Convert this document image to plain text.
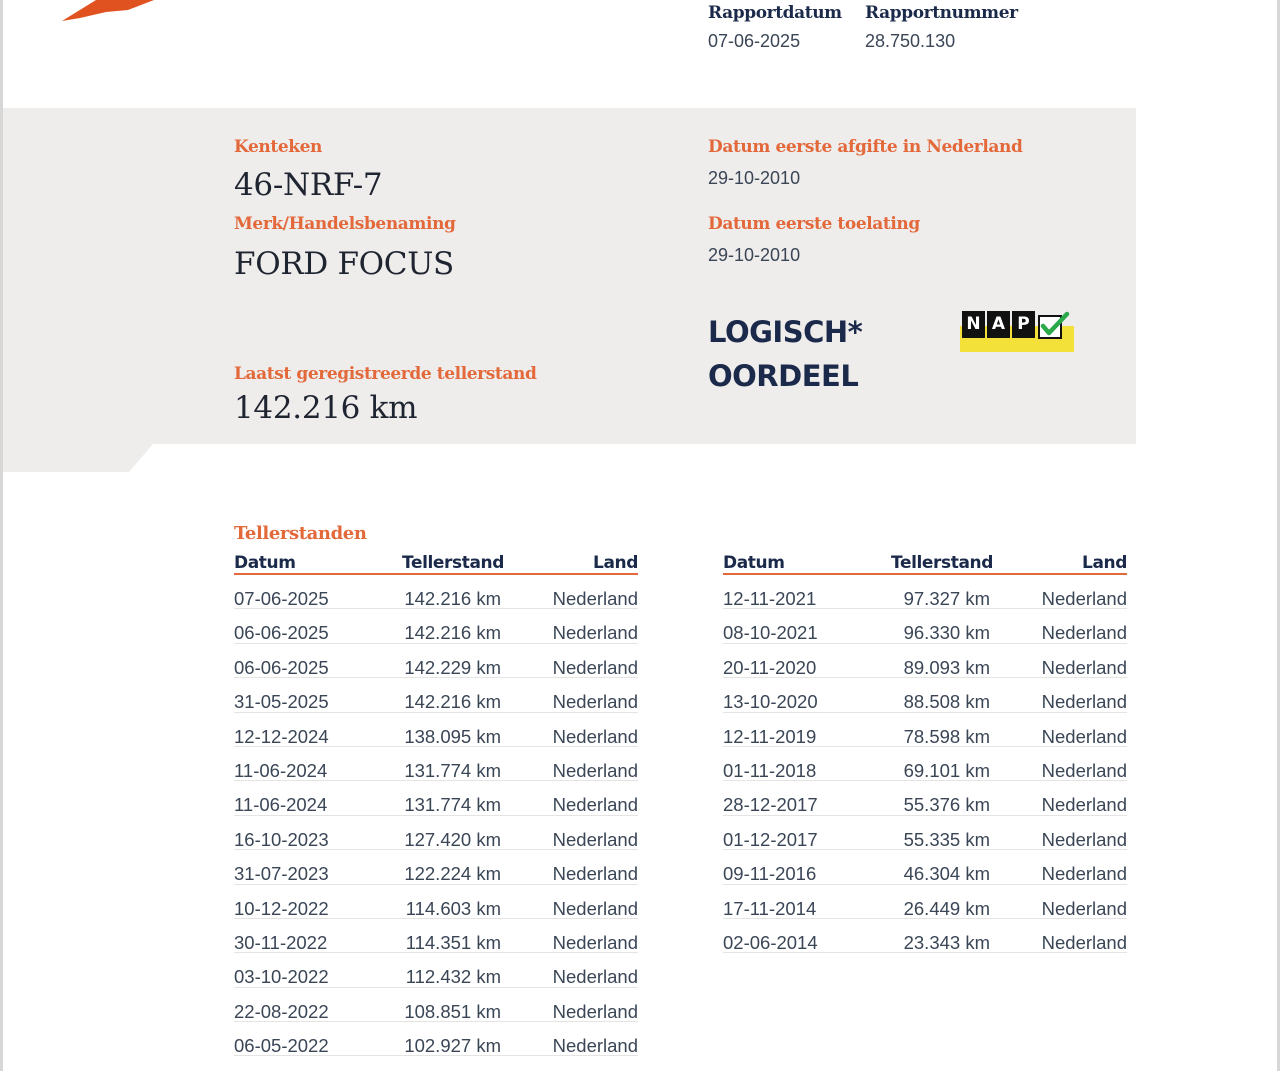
Rapportdatum
07-06-2025
Rapportnummer
28.750.130
Kenteken
46-NRF-7
Merk/Handelsbenaming
FORD FOCUS
Laatst geregistreerde tellerstand
142.216 km
Datum eerste afgifte in Nederland
29-10-2010
Datum eerste toelating
29-10-2010
LOGISCH*
OORDEEL
N A P
Tellerstanden
Datum	Tellerstand	Land
07-06-2025	142.216 km	Nederland
06-06-2025	142.216 km	Nederland
06-06-2025	142.229 km	Nederland
31-05-2025	142.216 km	Nederland
12-12-2024	138.095 km	Nederland
11-06-2024	131.774 km	Nederland
11-06-2024	131.774 km	Nederland
16-10-2023	127.420 km	Nederland
31-07-2023	122.224 km	Nederland
10-12-2022	114.603 km	Nederland
30-11-2022	114.351 km	Nederland
03-10-2022	112.432 km	Nederland
22-08-2022	108.851 km	Nederland
06-05-2022	102.927 km	Nederland
Datum	Tellerstand	Land
12-11-2021	97.327 km	Nederland
08-10-2021	96.330 km	Nederland
20-11-2020	89.093 km	Nederland
13-10-2020	88.508 km	Nederland
12-11-2019	78.598 km	Nederland
01-11-2018	69.101 km	Nederland
28-12-2017	55.376 km	Nederland
01-12-2017	55.335 km	Nederland
09-11-2016	46.304 km	Nederland
17-11-2014	26.449 km	Nederland
02-06-2014	23.343 km	Nederland
